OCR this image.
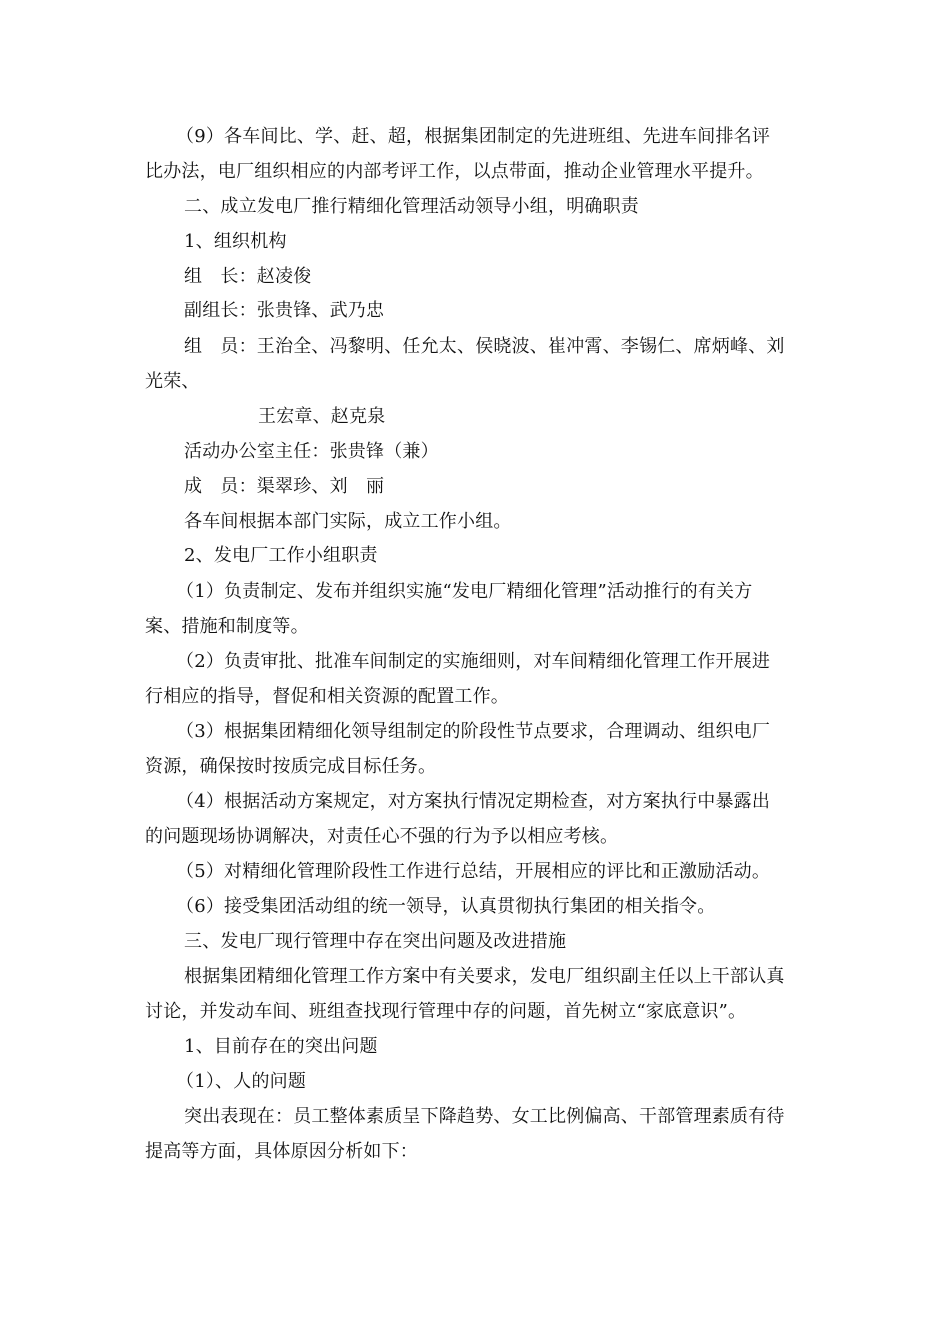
（9）各车间比、学、赶、超，根据集团制定的先进班组、先进车间排名评
比办法，电厂组织相应的内部考评工作，以点带面，推动企业管理水平提升。
二、成立发电厂推行精细化管理活动领导小组，明确职责
1、组织机构
组　长：赵凌俊
副组长：张贵锋、武乃忠
组　员：王治全、冯黎明、任允太、侯晓波、崔冲霄、李锡仁、席炳峰、刘
光荣、
王宏章、赵克泉
活动办公室主任：张贵锋（兼）
成　员：渠翠珍、刘　丽
各车间根据本部门实际，成立工作小组。
2、发电厂工作小组职责
（1）负责制定、发布并组织实施“发电厂精细化管理”活动推行的有关方
案、措施和制度等。
（2）负责审批、批准车间制定的实施细则，对车间精细化管理工作开展进
行相应的指导，督促和相关资源的配置工作。
（3）根据集团精细化领导组制定的阶段性节点要求，合理调动、组织电厂
资源，确保按时按质完成目标任务。
（4）根据活动方案规定，对方案执行情况定期检查，对方案执行中暴露出
的问题现场协调解决，对责任心不强的行为予以相应考核。
（5）对精细化管理阶段性工作进行总结，开展相应的评比和正激励活动。
（6）接受集团活动组的统一领导，认真贯彻执行集团的相关指令。
三、发电厂现行管理中存在突出问题及改进措施
根据集团精细化管理工作方案中有关要求，发电厂组织副主任以上干部认真
讨论，并发动车间、班组查找现行管理中存的问题，首先树立“家底意识”。
1、目前存在的突出问题
（1）、人的问题
突出表现在：员工整体素质呈下降趋势、女工比例偏高、干部管理素质有待
提高等方面，具体原因分析如下：
